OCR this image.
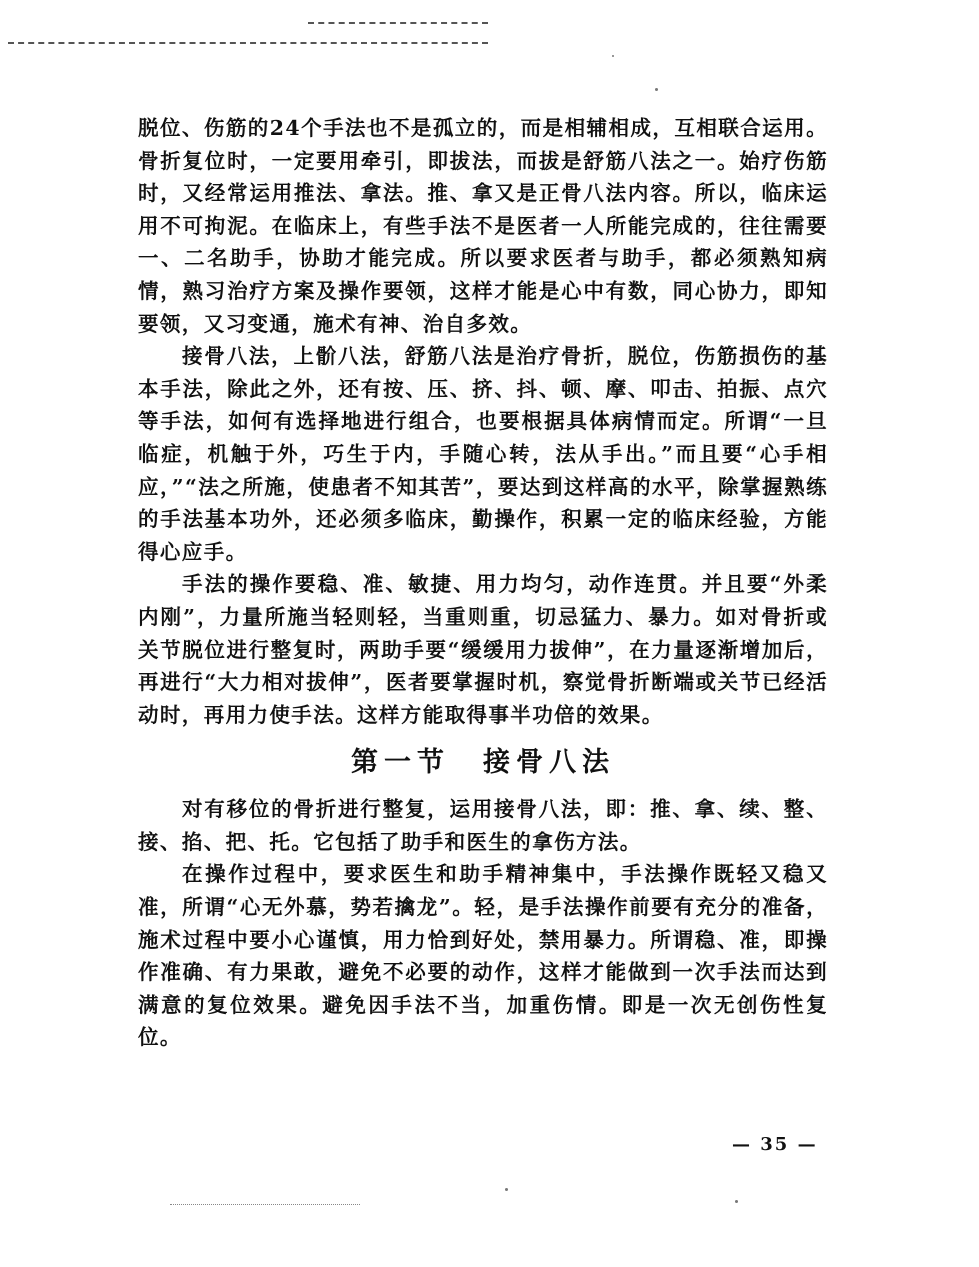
脱位、伤筋的24个手法也不是孤立的，而是相辅相成，互相联合运用。骨折复位时，一定要用牵引，即拔法，而拔是舒筋八法之一。始疗伤筋时，又经常运用推法、拿法。推、拿又是正骨八法内容。所以，临床运用不可拘泥。在临床上，有些手法不是医者一人所能完成的，往往需要一、二名助手，协助才能完成。所以要求医者与助手，都必须熟知病情，熟习治疗方案及操作要领，这样才能是心中有数，同心协力，即知要领，又习变通，施术有神、治自多效。

接骨八法，上骱八法，舒筋八法是治疗骨折，脱位，伤筋损伤的基本手法，除此之外，还有按、压、挤、抖、顿、摩、叩击、拍振、点穴等手法，如何有选择地进行组合，也要根据具体病情而定。所谓“一旦临症，机触于外，巧生于内，手随心转，法从手出。”而且要“心手相应，”“法之所施，使患者不知其苦”，要达到这样高的水平，除掌握熟练的手法基本功外，还必须多临床，勤操作，积累一定的临床经验，方能得心应手。

手法的操作要稳、准、敏捷、用力均匀，动作连贯。并且要“外柔内刚”，力量所施当轻则轻，当重则重，切忌猛力、暴力。如对骨折或关节脱位进行整复时，两助手要“缓缓用力拔伸”，在力量逐渐增加后，再进行“大力相对拔伸”，医者要掌握时机，察觉骨折断端或关节已经活动时，再用力使手法。这样方能取得事半功倍的效果。

第一节　接骨八法

对有移位的骨折进行整复，运用接骨八法，即：推、拿、续、整、接、掐、把、托。它包括了助手和医生的拿伤方法。

在操作过程中，要求医生和助手精神集中，手法操作既轻又稳又准，所谓“心无外慕，势若擒龙”。轻，是手法操作前要有充分的准备，施术过程中要小心谨慎，用力恰到好处，禁用暴力。所谓稳、准，即操作准确、有力果敢，避免不必要的动作，这样才能做到一次手法而达到满意的复位效果。避免因手法不当，加重伤情。即是一次无创伤性复位。

— 35 —
